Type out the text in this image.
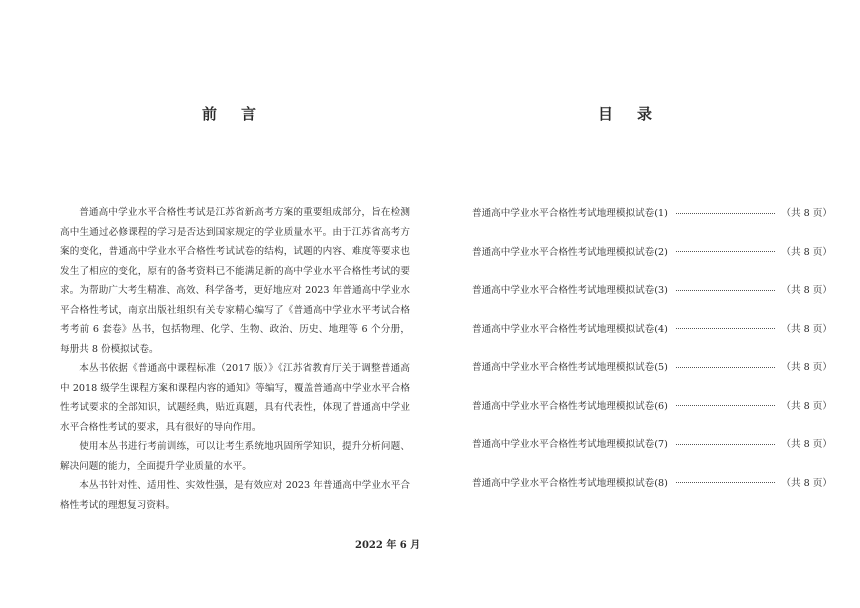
前言

普通高中学业水平合格性考试是江苏省新高考方案的重要组成部分，旨在检测高中生通过必修课程的学习是否达到国家规定的学业质量水平。由于江苏省高考方案的变化，普通高中学业水平合格性考试试卷的结构，试题的内容、难度等要求也发生了相应的变化，原有的备考资料已不能满足新的高中学业水平合格性考试的要求。为帮助广大考生精准、高效、科学备考，更好地应对 2023 年普通高中学业水平合格性考试，南京出版社组织有关专家精心编写了《普通高中学业水平考试合格考考前 6 套卷》丛书，包括物理、化学、生物、政治、历史、地理等 6 个分册，每册共 8 份模拟试卷。

本丛书依据《普通高中课程标准（2017 版）》《江苏省教育厅关于调整普通高中 2018 级学生课程方案和课程内容的通知》等编写，覆盖普通高中学业水平合格性考试要求的全部知识，试题经典，贴近真题，具有代表性，体现了普通高中学业水平合格性考试的要求，具有很好的导向作用。

使用本丛书进行考前训练，可以让考生系统地巩固所学知识，提升分析问题、解决问题的能力，全面提升学业质量的水平。

本丛书针对性、适用性、实效性强，是有效应对 2023 年普通高中学业水平合格性考试的理想复习资料。

2022 年 6 月
目录
普通高中学业水平合格性考试地理模拟试卷(1)	（共 8 页）
普通高中学业水平合格性考试地理模拟试卷(2)	（共 8 页）
普通高中学业水平合格性考试地理模拟试卷(3)	（共 8 页）
普通高中学业水平合格性考试地理模拟试卷(4)	（共 8 页）
普通高中学业水平合格性考试地理模拟试卷(5)	（共 8 页）
普通高中学业水平合格性考试地理模拟试卷(6)	（共 8 页）
普通高中学业水平合格性考试地理模拟试卷(7)	（共 8 页）
普通高中学业水平合格性考试地理模拟试卷(8)	（共 8 页）
